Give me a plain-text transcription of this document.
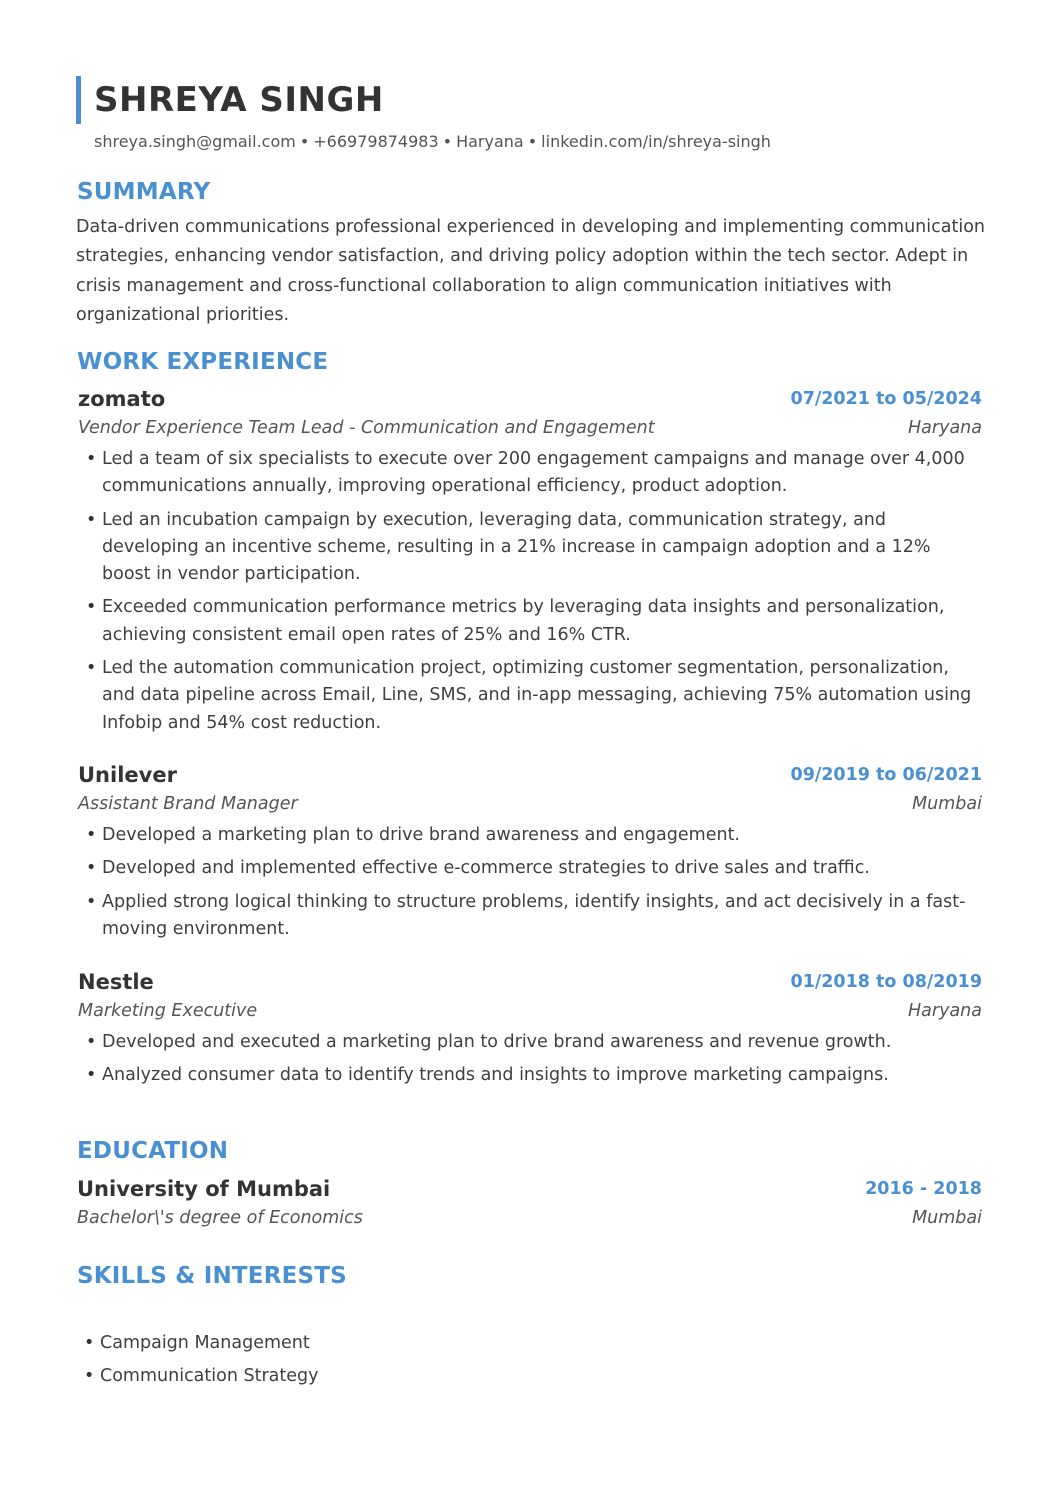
SHREYA SINGH
shreya.singh@gmail.com • +66979874983 • Haryana • linkedin.com/in/shreya-singh
SUMMARY

Data-driven communications professional experienced in developing and implementing communication strategies, enhancing vendor satisfaction, and driving policy adoption within the tech sector. Adept in crisis management and cross-functional collaboration to align communication initiatives with organizational priorities.

WORK EXPERIENCE
zomato	07/2021 to 05/2024
Vendor Experience Team Lead - Communication and Engagement	Haryana
• Led a team of six specialists to execute over 200 engagement campaigns and manage over 4,000 communications annually, improving operational efficiency, product adoption.
• Led an incubation campaign by execution, leveraging data, communication strategy, and developing an incentive scheme, resulting in a 21% increase in campaign adoption and a 12% boost in vendor participation.
• Exceeded communication performance metrics by leveraging data insights and personalization, achieving consistent email open rates of 25% and 16% CTR.
• Led the automation communication project, optimizing customer segmentation, personalization, and data pipeline across Email, Line, SMS, and in-app messaging, achieving 75% automation using Infobip and 54% cost reduction.
Unilever	09/2019 to 06/2021
Assistant Brand Manager	Mumbai
• Developed a marketing plan to drive brand awareness and engagement.
• Developed and implemented effective e-commerce strategies to drive sales and traffic.
• Applied strong logical thinking to structure problems, identify insights, and act decisively in a fast-moving environment.
Nestle	01/2018 to 08/2019
Marketing Executive	Haryana
• Developed and executed a marketing plan to drive brand awareness and revenue growth.
• Analyzed consumer data to identify trends and insights to improve marketing campaigns.
EDUCATION
University of Mumbai	2016 - 2018
Bachelor\'s degree of Economics	Mumbai
SKILLS & INTERESTS
• Campaign Management
• Communication Strategy
